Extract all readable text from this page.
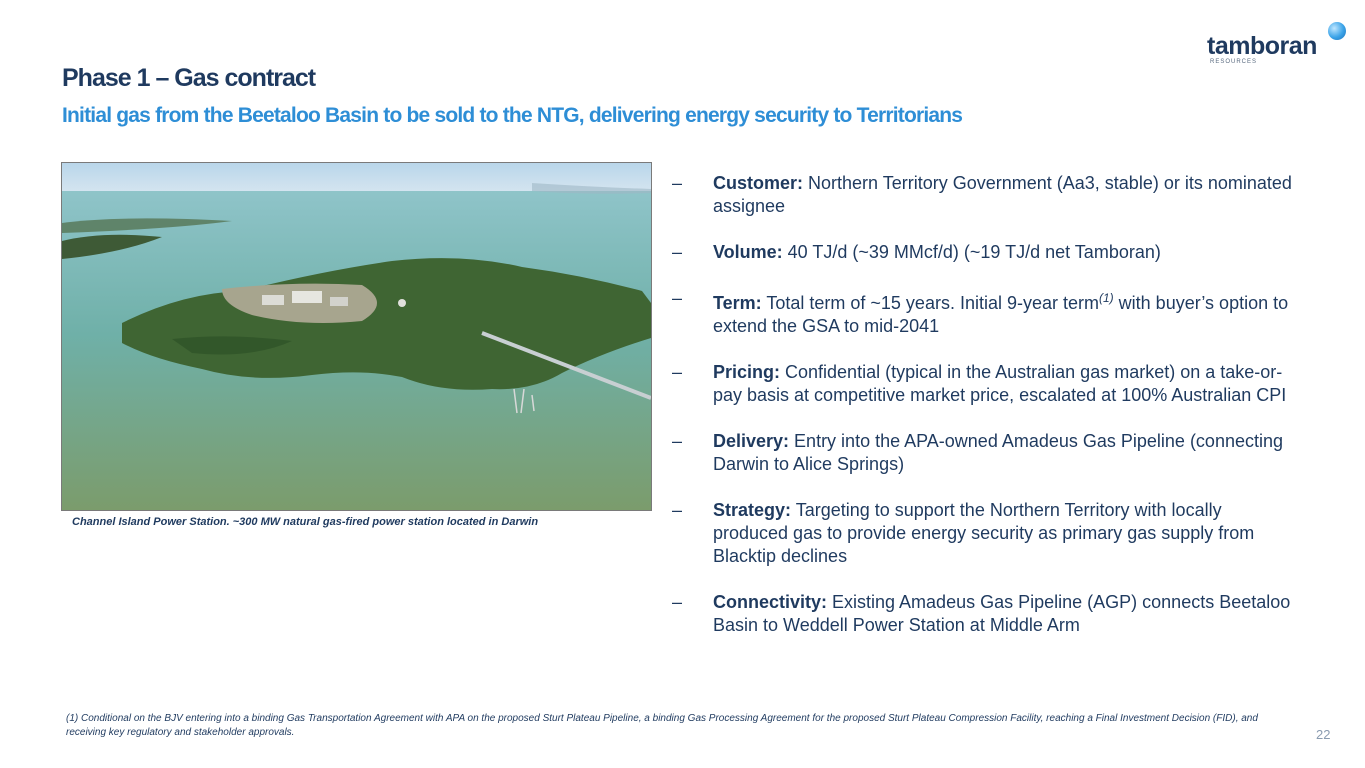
Phase 1 – Gas contract
Initial gas from the Beetaloo Basin to be sold to the NTG, delivering energy security to Territorians
tamboran
RESOURCES
Channel Island Power Station. ~300 MW natural gas-fired power station located in Darwin
– Customer: Northern Territory Government (Aa3, stable) or its nominated assignee
– Volume: 40 TJ/d (~39 MMcf/d) (~19 TJ/d net Tamboran)
– Term: Total term of ~15 years. Initial 9-year term$^{(1)}$ with buyer’s option to extend the GSA to mid-2041
– Pricing: Confidential (typical in the Australian gas market) on a take-or-pay basis at competitive market price, escalated at 100% Australian CPI
– Delivery: Entry into the APA-owned Amadeus Gas Pipeline (connecting Darwin to Alice Springs)
– Strategy: Targeting to support the Northern Territory with locally produced gas to provide energy security as primary gas supply from Blacktip declines
– Connectivity: Existing Amadeus Gas Pipeline (AGP) connects Beetaloo Basin to Weddell Power Station at Middle Arm
(1) Conditional on the BJV entering into a binding Gas Transportation Agreement with APA on the proposed Sturt Plateau Pipeline, a binding Gas Processing Agreement for the proposed Sturt Plateau Compression Facility, reaching a Final Investment Decision (FID), and receiving key regulatory and stakeholder approvals.	22
